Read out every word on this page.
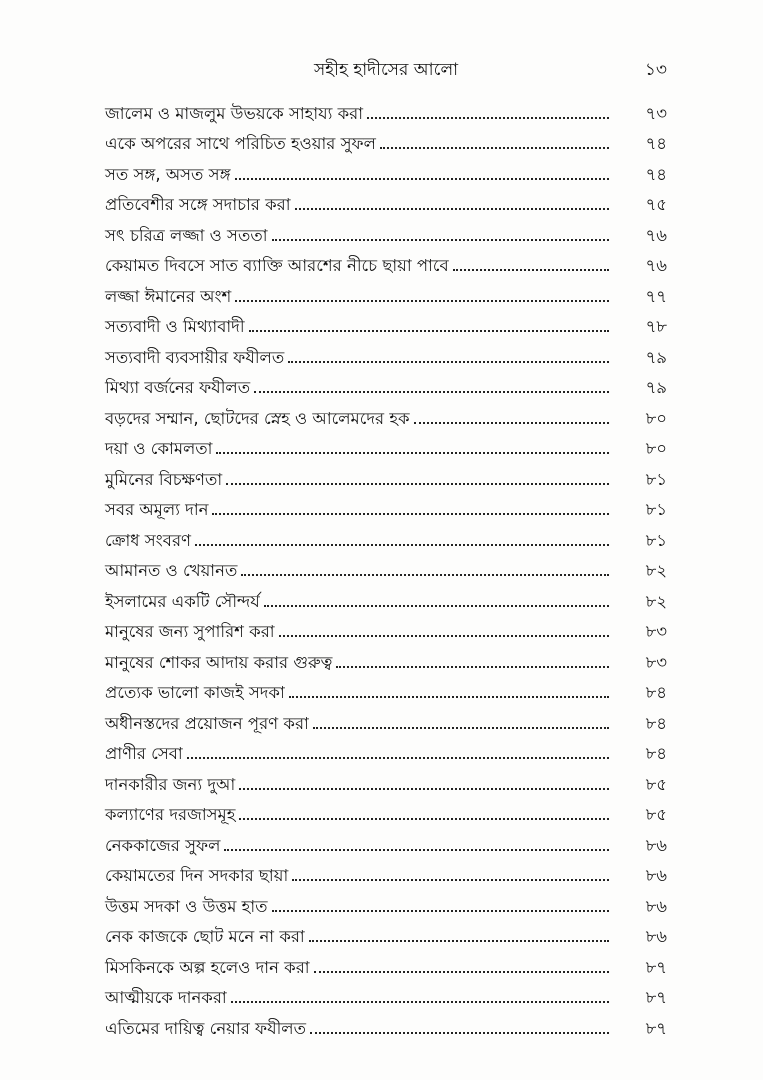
সহীহ হাদীসের আলো	১৩
জালেম ও মাজলুম উভয়কে সাহায্য করা	৭৩
একে অপরের সাথে পরিচিত হওয়ার সুফল	৭৪
সত সঙ্গ, অসত সঙ্গ	৭৪
প্রতিবেশীর সঙ্গে সদাচার করা	৭৫
সৎ চরিত্র লজ্জা ও সততা	৭৬
কেয়ামত দিবসে সাত ব্যাক্তি আরশের নীচে ছায়া পাবে	৭৬
লজ্জা ঈমানের অংশ	৭৭
সত্যবাদী ও মিথ্যাবাদী	৭৮
সত্যবাদী ব্যবসায়ীর ফযীলত	৭৯
মিথ্যা বর্জনের ফযীলত	৭৯
বড়দের সম্মান, ছোটদের স্নেহ ও আলেমদের হক	৮০
দয়া ও কোমলতা	৮০
মুমিনের বিচক্ষণতা	৮১
সবর অমূল্য দান	৮১
ক্রোধ সংবরণ	৮১
আমানত ও খেয়ানত	৮২
ইসলামের একটি সৌন্দর্য	৮২
মানুষের জন্য সুপারিশ করা	৮৩
মানুষের শোকর আদায় করার গুরুত্ব	৮৩
প্রত্যেক ভালো কাজই সদকা	৮৪
অধীনস্তদের প্রয়োজন পূরণ করা	৮৪
প্রাণীর সেবা	৮৪
দানকারীর জন্য দুআ	৮৫
কল্যাণের দরজাসমূহ	৮৫
নেককাজের সুফল	৮৬
কেয়ামতের দিন সদকার ছায়া	৮৬
উত্তম সদকা ও উত্তম হাত	৮৬
নেক কাজকে ছোট মনে না করা	৮৬
মিসকিনকে অল্প হলেও দান করা	৮৭
আত্মীয়কে দানকরা	৮৭
এতিমের দায়িত্ব নেয়ার ফযীলত	৮৭
